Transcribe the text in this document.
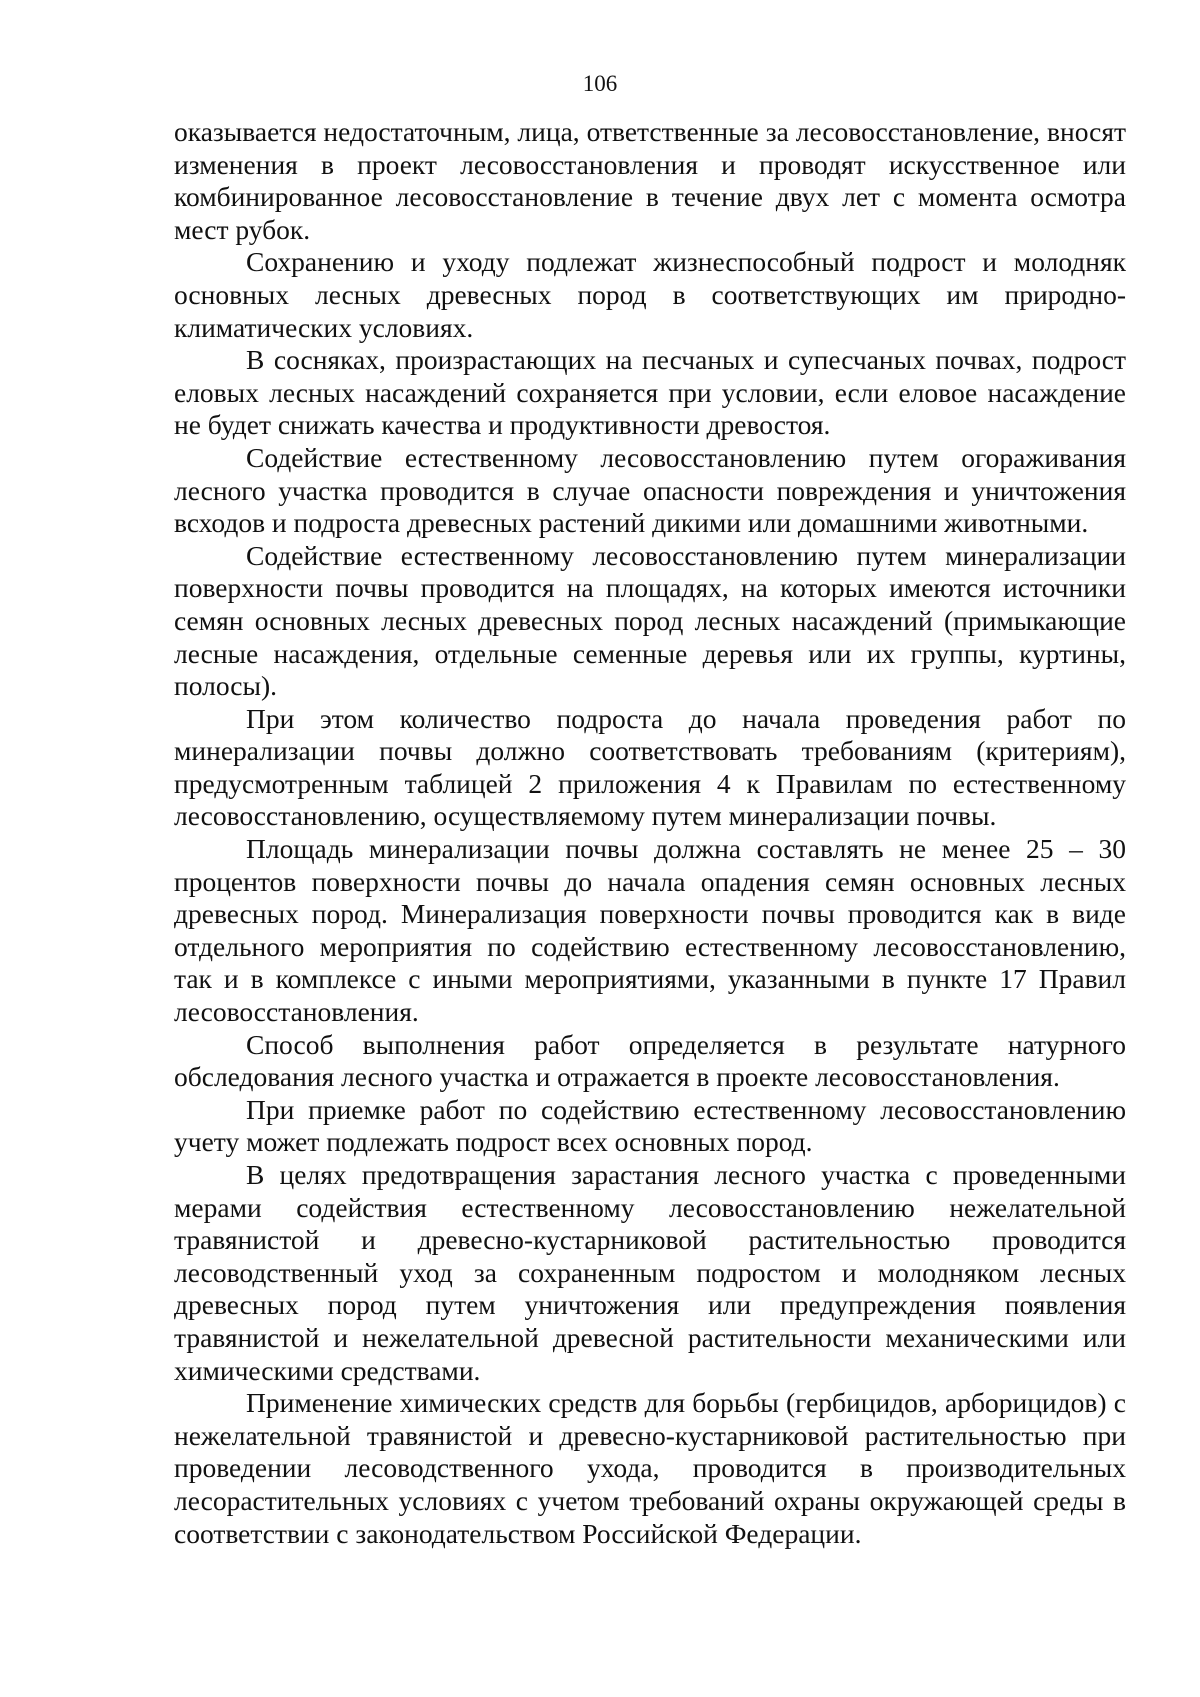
106

оказывается недостаточным, лица, ответственные за лесовосстановление, вносят изменения в проект лесовосстановления и проводят искусственное или комбинированное лесовосстановление в течение двух лет с момента осмотра мест рубок.

Сохранению и уходу подлежат жизнеспособный подрост и молодняк основных лесных древесных пород в соответствующих им природно-климатических условиях.

В сосняках, произрастающих на песчаных и супесчаных почвах, подрост еловых лесных насаждений сохраняется при условии, если еловое насаждение не будет снижать качества и продуктивности древостоя.

Содействие естественному лесовосстановлению путем огораживания лесного участка проводится в случае опасности повреждения и уничтожения всходов и подроста древесных растений дикими или домашними животными.

Содействие естественному лесовосстановлению путем минерализации поверхности почвы проводится на площадях, на которых имеются источники семян основных лесных древесных пород лесных насаждений (примыкающие лесные насаждения, отдельные семенные деревья или их группы, куртины, полосы).

При этом количество подроста до начала проведения работ по минерализации почвы должно соответствовать требованиям (критериям), предусмотренным таблицей 2 приложения 4 к Правилам по естественному лесовосстановлению, осуществляемому путем минерализации почвы.

Площадь минерализации почвы должна составлять не менее 25 – 30 процентов поверхности почвы до начала опадения семян основных лесных древесных пород. Минерализация поверхности почвы проводится как в виде отдельного мероприятия по содействию естественному лесовосстановлению, так и в комплексе с иными мероприятиями, указанными в пункте 17 Правил лесовосстановления.

Способ выполнения работ определяется в результате натурного обследования лесного участка и отражается в проекте лесовосстановления.

При приемке работ по содействию естественному лесовосстановлению учету может подлежать подрост всех основных пород.

В целях предотвращения зарастания лесного участка с проведенными мерами содействия естественному лесовосстановлению нежелательной травянистой и древесно-кустарниковой растительностью проводится лесоводственный уход за сохраненным подростом и молодняком лесных древесных пород путем уничтожения или предупреждения появления травянистой и нежелательной древесной растительности механическими или химическими средствами.

Применение химических средств для борьбы (гербицидов, арборицидов) с нежелательной травянистой и древесно-кустарниковой растительностью при проведении лесоводственного ухода, проводится в производительных лесорастительных условиях с учетом требований охраны окружающей среды в соответствии с законодательством Российской Федерации.
